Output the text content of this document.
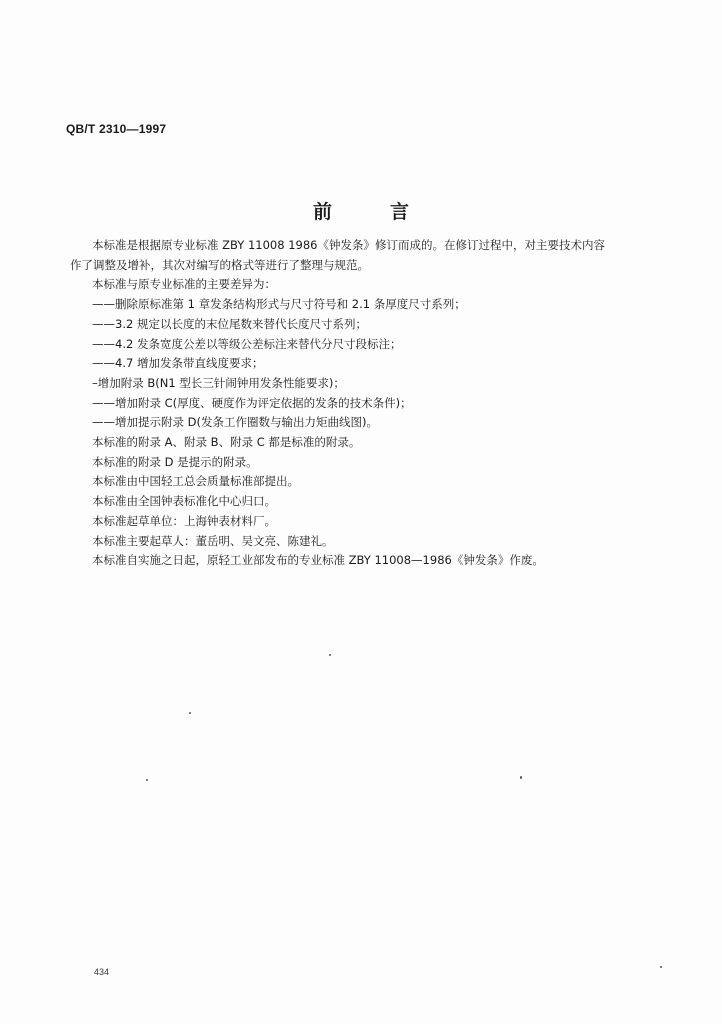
QB/T 2310—1997
前言

本标准是根据原专业标准 ZBY 11008 1986《钟发条》修订而成的。在修订过程中，对主要技术内容

作了调整及增补，其次对编写的格式等进行了整理与规范。

本标准与原专业标准的主要差异为：

——删除原标准第 1 章发条结构形式与尺寸符号和 2.1 条厚度尺寸系列；

——3.2 规定以长度的末位尾数来替代长度尺寸系列；

——4.2 发条宽度公差以等级公差标注来替代分尺寸段标注；

——4.7 增加发条带直线度要求；

–增加附录 B(N1 型长三针闹钟用发条性能要求)；

——增加附录 C(厚度、硬度作为评定依据的发条的技术条件)；

——增加提示附录 D(发条工作圈数与输出力矩曲线图)。

本标准的附录 A、附录 B、附录 C 都是标准的附录。

本标准的附录 D 是提示的附录。

本标准由中国轻工总会质量标准部提出。

本标准由全国钟表标准化中心归口。

本标准起草单位：上海钟表材料厂。

本标准主要起草人：董岳明、吴文亮、陈建礼。

本标准自实施之日起，原轻工业部发布的专业标准 ZBY 11008—1986《钟发条》作废。

434
